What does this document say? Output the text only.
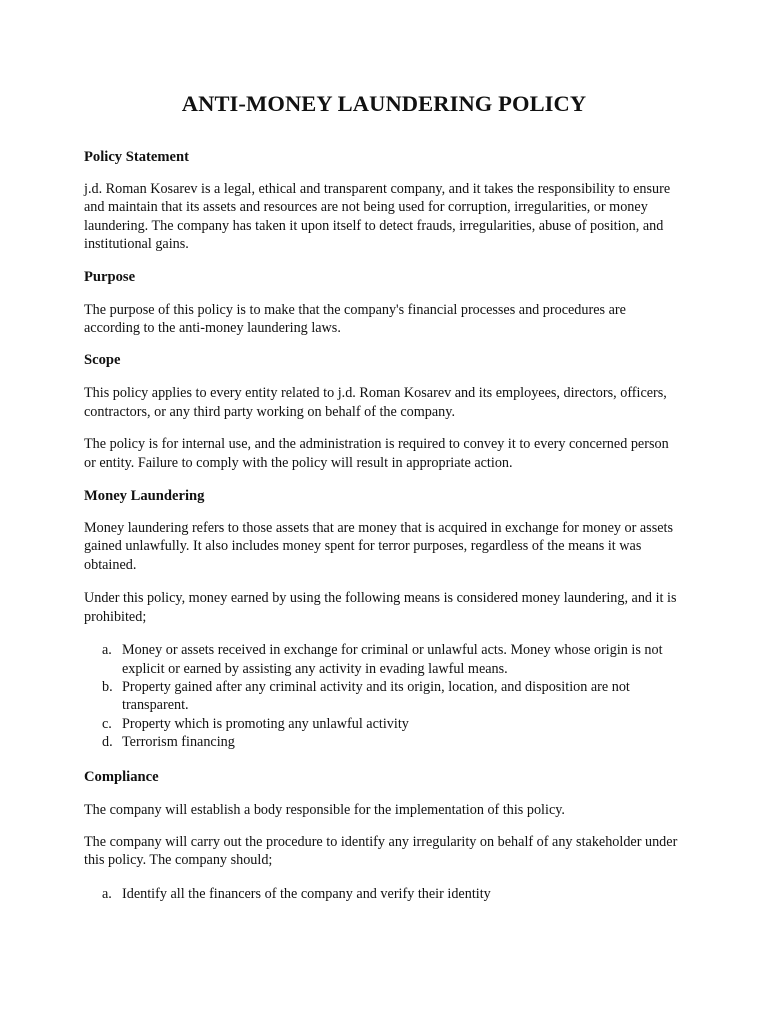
ANTI-MONEY LAUNDERING POLICY
Policy Statement

j.d. Roman Kosarev is a legal, ethical and transparent company, and it takes the responsibility to ensure and maintain that its assets and resources are not being used for corruption, irregularities, or money laundering. The company has taken it upon itself to detect frauds, irregularities, abuse of position, and institutional gains.

Purpose

The purpose of this policy is to make that the company's financial processes and procedures are according to the anti-money laundering laws.

Scope

This policy applies to every entity related to j.d. Roman Kosarev and its employees, directors, officers, contractors, or any third party working on behalf of the company.

The policy is for internal use, and the administration is required to convey it to every concerned person or entity. Failure to comply with the policy will result in appropriate action.

Money Laundering

Money laundering refers to those assets that are money that is acquired in exchange for money or assets gained unlawfully. It also includes money spent for terror purposes, regardless of the means it was obtained.

Under this policy, money earned by using the following means is considered money laundering, and it is prohibited;

a. Money or assets received in exchange for criminal or unlawful acts. Money whose origin is not explicit or earned by assisting any activity in evading lawful means.
b. Property gained after any criminal activity and its origin, location, and disposition are not transparent.
c. Property which is promoting any unlawful activity
d. Terrorism financing
Compliance

The company will establish a body responsible for the implementation of this policy.

The company will carry out the procedure to identify any irregularity on behalf of any stakeholder under this policy. The company should;

a. Identify all the financers of the company and verify their identity
